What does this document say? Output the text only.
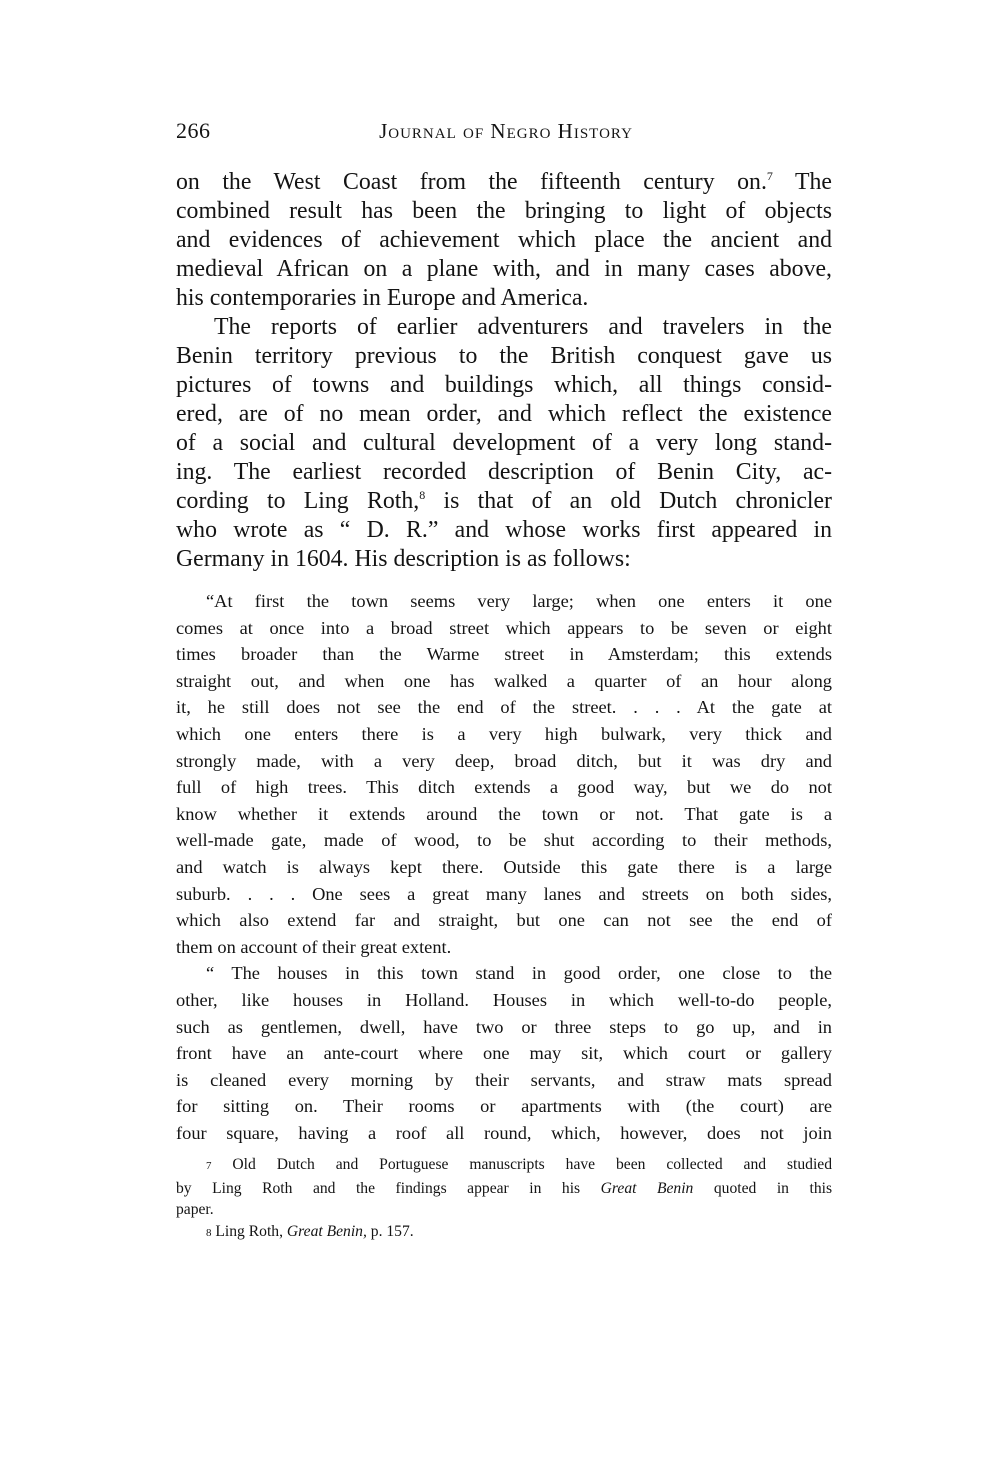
266	Journal of Negro History

on the West Coast from the fifteenth century on.$^7$ The
combined result has been the bringing to light of objects
and evidences of achievement which place the ancient and
medieval African on a plane with, and in many cases above,
his contemporaries in Europe and America.

The reports of earlier adventurers and travelers in the
Benin territory previous to the British conquest gave us
pictures of towns and buildings which, all things consid-
ered, are of no mean order, and which reflect the existence
of a social and cultural development of a very long stand-
ing. The earliest recorded description of Benin City, ac-
cording to Ling Roth,$^8$ is that of an old Dutch chronicler
who wrote as “ D. R.” and whose works first appeared in
Germany in 1604. His description is as follows:

“At first the town seems very large; when one enters it one
comes at once into a broad street which appears to be seven or eight
times broader than the Warme street in Amsterdam; this extends
straight out, and when one has walked a quarter of an hour along
it, he still does not see the end of the street. . . . At the gate at
which one enters there is a very high bulwark, very thick and
strongly made, with a very deep, broad ditch, but it was dry and
full of high trees. This ditch extends a good way, but we do not
know whether it extends around the town or not. That gate is a
well-made gate, made of wood, to be shut according to their methods,
and watch is always kept there. Outside this gate there is a large
suburb. . . . One sees a great many lanes and streets on both sides,
which also extend far and straight, but one can not see the end of
them on account of their great extent.
“ The houses in this town stand in good order, one close to the
other, like houses in Holland. Houses in which well-to-do people,
such as gentlemen, dwell, have two or three steps to go up, and in
front have an ante-court where one may sit, which court or gallery
is cleaned every morning by their servants, and straw mats spread
for sitting on. Their rooms or apartments with (the court) are
four square, having a roof all round, which, however, does not join
7 Old Dutch and Portuguese manuscripts have been collected and studied
by Ling Roth and the findings appear in his Great Benin quoted in this
paper.
8 Ling Roth, Great Benin, p. 157.
